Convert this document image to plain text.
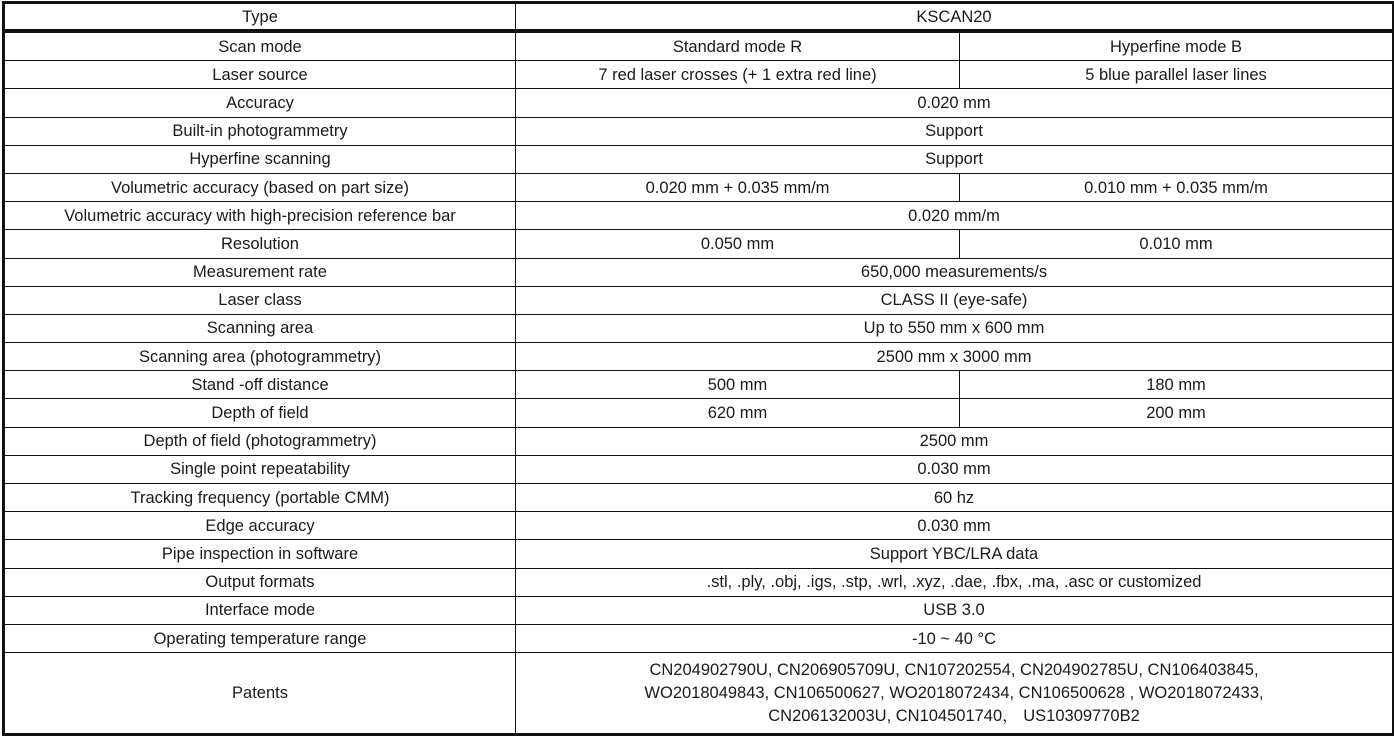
Type	KSCAN20	
Scan mode	Standard mode R	Hyperfine mode B
Laser source	7 red laser crosses (+ 1 extra red line)	5 blue parallel laser lines
Accuracy	0.020 mm	
Built-in photogrammetry	Support	
Hyperfine scanning	Support	
Volumetric accuracy (based on part size)	0.020 mm + 0.035 mm/m	0.010 mm + 0.035 mm/m
Volumetric accuracy with high-precision reference bar	0.020 mm/m	
Resolution	0.050 mm	0.010 mm
Measurement rate	650,000 measurements/s	
Laser class	CLASS II (eye-safe)	
Scanning area	Up to 550 mm x 600 mm	
Scanning area (photogrammetry)	2500 mm x 3000 mm	
Stand -off distance	500 mm	180 mm
Depth of field	620 mm	200 mm
Depth of field (photogrammetry)	2500 mm	
Single point repeatability	0.030 mm	
Tracking frequency (portable CMM)	60 hz	
Edge accuracy	0.030 mm	
Pipe inspection in software	Support YBC/LRA data	
Output formats	.stl, .ply, .obj, .igs, .stp, .wrl, .xyz, .dae, .fbx, .ma, .asc or customized	
Interface mode	USB 3.0	
Operating temperature range	-10 ~ 40 °C	
Patents	CN204902790U, CN206905709U, CN107202554, CN204902785U, CN106403845,
WO2018049843, CN106500627, WO2018072434, CN106500628 , WO2018072433,
CN206132003U, CN104501740， US10309770B2	
